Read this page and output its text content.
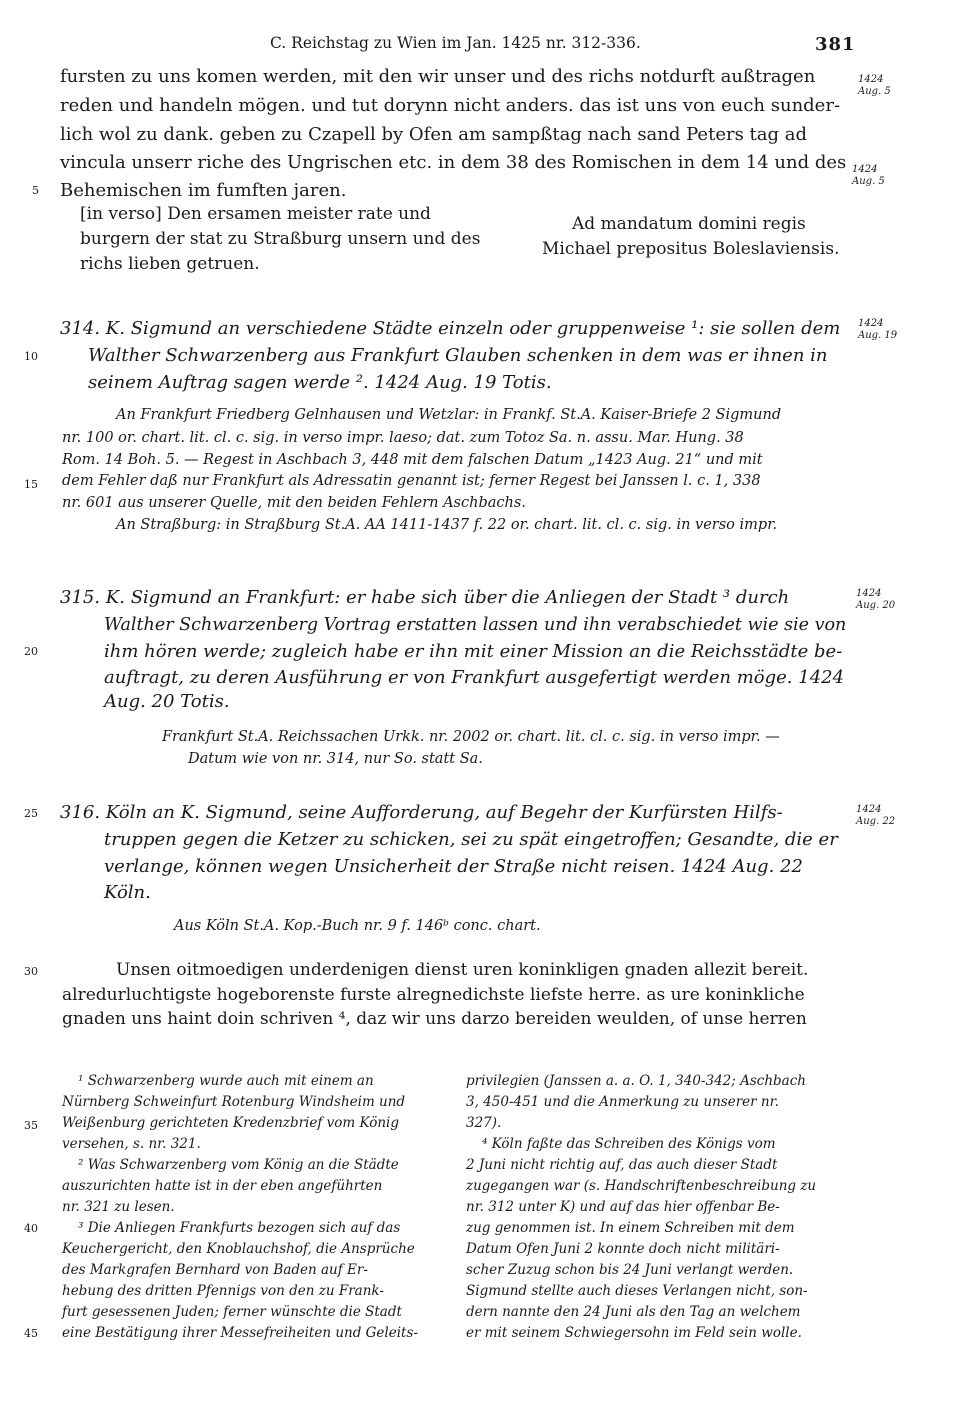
C. Reichstag zu Wien im Jan. 1425 nr. 312-336.	381
fursten zu uns komen werden, mit den wir unser und des richs notdurft außtragen
reden und handeln mögen. und tut dorynn nicht anders. das ist uns von euch sunder-
lich wol zu dank. geben zu Czapell by Ofen am sampßtag nach sand Peters tag ad
vincula unserr riche des Ungrischen etc. in dem 38 des Romischen in dem 14 und des
Behemischen im fumften jaren.
[in verso] Den ersamen meister rate und
burgern der stat zu Straßburg unsern und des
richs lieben getruen.
Ad mandatum domini regis
Michael prepositus Boleslaviensis.
314. K. Sigmund an verschiedene Städte einzeln oder gruppenweise ¹: sie sollen dem
Walther Schwarzenberg aus Frankfurt Glauben schenken in dem was er ihnen in
seinem Auftrag sagen werde ². 1424 Aug. 19 Totis.
An Frankfurt Friedberg Gelnhausen und Wetzlar: in Frankf. St.A. Kaiser-Briefe 2 Sigmund
nr. 100 or. chart. lit. cl. c. sig. in verso impr. laeso; dat. zum Totoz Sa. n. assu. Mar. Hung. 38
Rom. 14 Boh. 5. — Regest in Aschbach 3, 448 mit dem falschen Datum „1423 Aug. 21“ und mit
dem Fehler daß nur Frankfurt als Adressatin genannt ist; ferner Regest bei Janssen l. c. 1, 338
nr. 601 aus unserer Quelle, mit den beiden Fehlern Aschbachs.
An Straßburg: in Straßburg St.A. AA 1411-1437 f. 22 or. chart. lit. cl. c. sig. in verso impr.
315. K. Sigmund an Frankfurt: er habe sich über die Anliegen der Stadt ³ durch
Walther Schwarzenberg Vortrag erstatten lassen und ihn verabschiedet wie sie von
ihm hören werde; zugleich habe er ihn mit einer Mission an die Reichsstädte be-
auftragt, zu deren Ausführung er von Frankfurt ausgefertigt werden möge. 1424
Aug. 20 Totis.
Frankfurt St.A. Reichssachen Urkk. nr. 2002 or. chart. lit. cl. c. sig. in verso impr. —
Datum wie von nr. 314, nur So. statt Sa.
316. Köln an K. Sigmund, seine Aufforderung, auf Begehr der Kurfürsten Hilfs-
truppen gegen die Ketzer zu schicken, sei zu spät eingetroffen; Gesandte, die er
verlange, können wegen Unsicherheit der Straße nicht reisen. 1424 Aug. 22
Köln.
Aus Köln St.A. Kop.-Buch nr. 9 f. 146ᵇ conc. chart.
Unsen oitmoedigen underdenigen dienst uren koninkligen gnaden allezit bereit.
alredurluchtigste hogeborenste furste alregnedichste liefste herre. as ure koninkliche
gnaden uns haint doin schriven ⁴, daz wir uns darzo bereiden weulden, of unse herren
1424
Aug. 5
1424
Aug. 5
1424
Aug. 19
1424
Aug. 20
1424
Aug. 22
5
10
15
20
25
30
35
40
45
¹ Schwarzenberg wurde auch mit einem an
Nürnberg Schweinfurt Rotenburg Windsheim und
Weißenburg gerichteten Kredenzbrief vom König
versehen, s. nr. 321.
² Was Schwarzenberg vom König an die Städte
auszurichten hatte ist in der eben angeführten
nr. 321 zu lesen.
³ Die Anliegen Frankfurts bezogen sich auf das
Keuchergericht, den Knoblauchshof, die Ansprüche
des Markgrafen Bernhard von Baden auf Er-
hebung des dritten Pfennigs von den zu Frank-
furt gesessenen Juden; ferner wünschte die Stadt
eine Bestätigung ihrer Messefreiheiten und Geleits-
privilegien (Janssen a. a. O. 1, 340-342; Aschbach
3, 450-451 und die Anmerkung zu unserer nr.
327).
⁴ Köln faßte das Schreiben des Königs vom
2 Juni nicht richtig auf, das auch dieser Stadt
zugegangen war (s. Handschriftenbeschreibung zu
nr. 312 unter K) und auf das hier offenbar Be-
zug genommen ist. In einem Schreiben mit dem
Datum Ofen Juni 2 konnte doch nicht militäri-
scher Zuzug schon bis 24 Juni verlangt werden.
Sigmund stellte auch dieses Verlangen nicht, son-
dern nannte den 24 Juni als den Tag an welchem
er mit seinem Schwiegersohn im Feld sein wolle.
